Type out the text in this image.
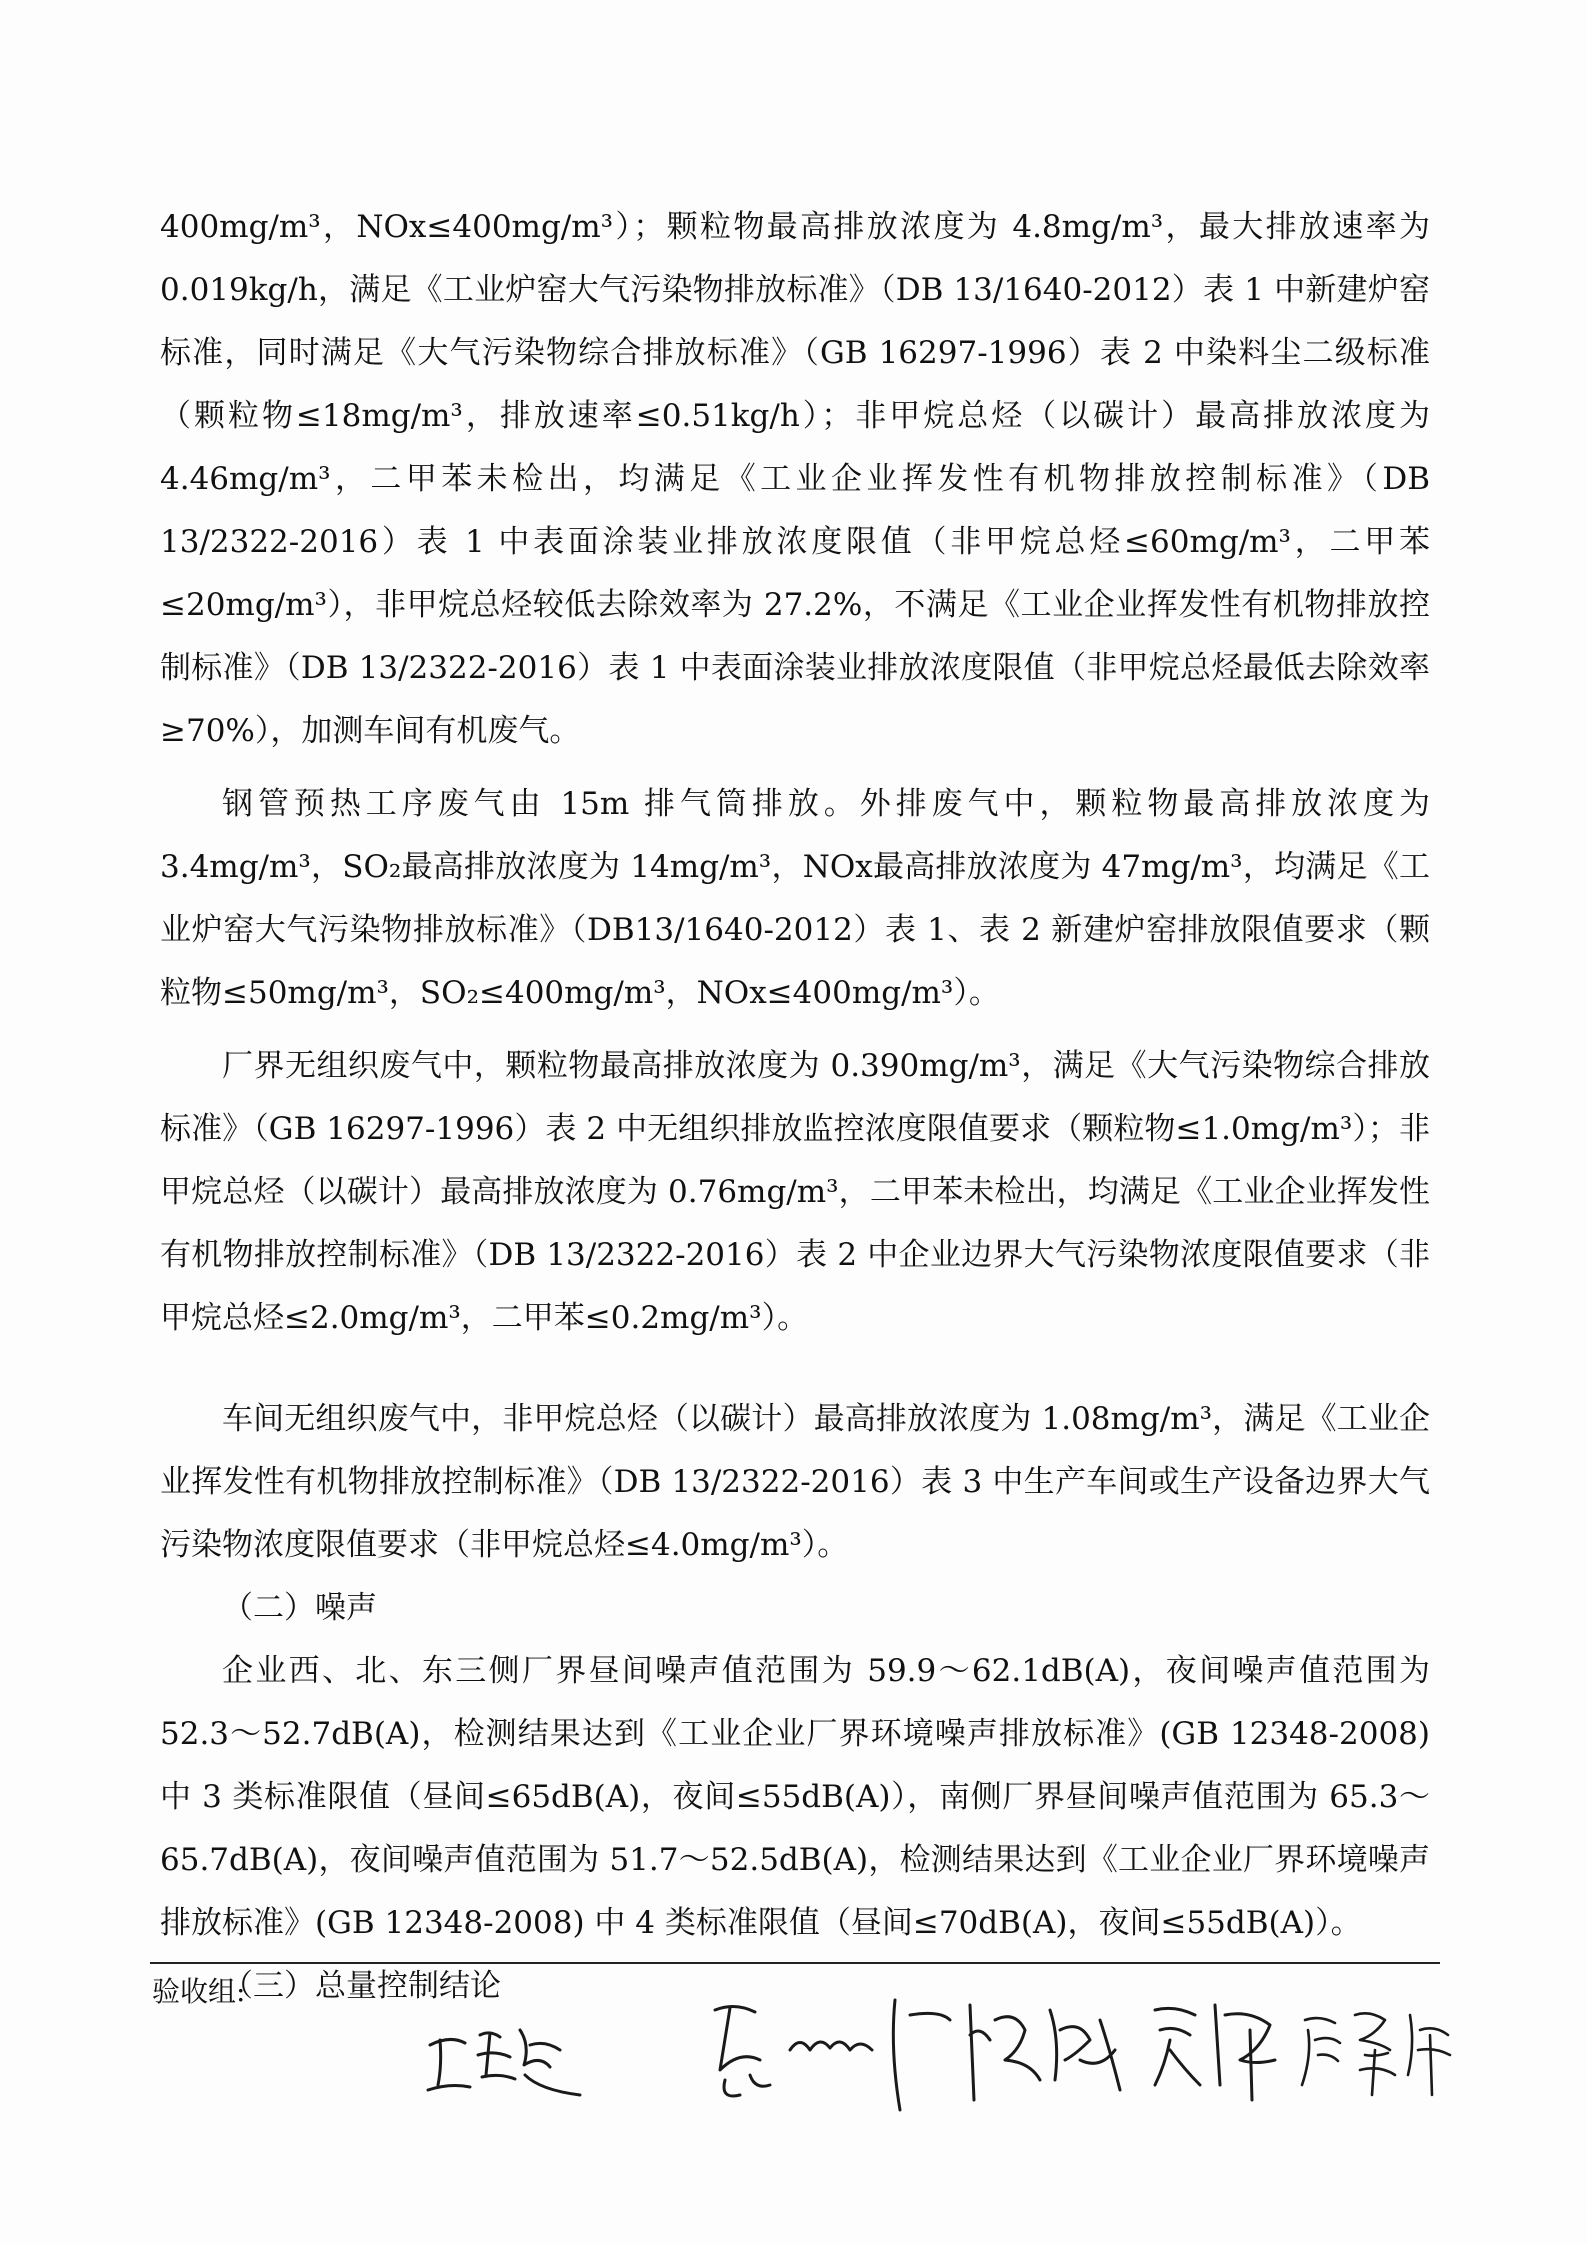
400mg/m³，NOx≤400mg/m³）；颗粒物最高排放浓度为 4.8mg/m³，最大排放速率为 0.019kg/h，满足《工业炉窑大气污染物排放标准》（DB 13/1640-2012）表 1 中新建炉窑标准，同时满足《大气污染物综合排放标准》（GB 16297-1996）表 2 中染料尘二级标准（颗粒物≤18mg/m³，排放速率≤0.51kg/h）；非甲烷总烃（以碳计）最高排放浓度为 4.46mg/m³，二甲苯未检出，均满足《工业企业挥发性有机物排放控制标准》（DB 13/2322-2016）表 1 中表面涂装业排放浓度限值（非甲烷总烃≤60mg/m³，二甲苯≤20mg/m³），非甲烷总烃较低去除效率为 27.2%，不满足《工业企业挥发性有机物排放控制标准》（DB 13/2322-2016）表 1 中表面涂装业排放浓度限值（非甲烷总烃最低去除效率≥70%），加测车间有机废气。

钢管预热工序废气由 15m 排气筒排放。外排废气中，颗粒物最高排放浓度为 3.4mg/m³，SO₂最高排放浓度为 14mg/m³，NOx最高排放浓度为 47mg/m³，均满足《工业炉窑大气污染物排放标准》（DB13/1640-2012）表 1、表 2 新建炉窑排放限值要求（颗粒物≤50mg/m³，SO₂≤400mg/m³，NOx≤400mg/m³）。

厂界无组织废气中，颗粒物最高排放浓度为 0.390mg/m³，满足《大气污染物综合排放标准》（GB 16297-1996）表 2 中无组织排放监控浓度限值要求（颗粒物≤1.0mg/m³）；非甲烷总烃（以碳计）最高排放浓度为 0.76mg/m³，二甲苯未检出，均满足《工业企业挥发性有机物排放控制标准》（DB 13/2322-2016）表 2 中企业边界大气污染物浓度限值要求（非甲烷总烃≤2.0mg/m³，二甲苯≤0.2mg/m³）。

车间无组织废气中，非甲烷总烃（以碳计）最高排放浓度为 1.08mg/m³，满足《工业企业挥发性有机物排放控制标准》（DB 13/2322-2016）表 3 中生产车间或生产设备边界大气污染物浓度限值要求（非甲烷总烃≤4.0mg/m³）。

（二）噪声

企业西、北、东三侧厂界昼间噪声值范围为 59.9～62.1dB(A)，夜间噪声值范围为 52.3～52.7dB(A)，检测结果达到《工业企业厂界环境噪声排放标准》(GB 12348-2008)中 3 类标准限值（昼间≤65dB(A)，夜间≤55dB(A)），南侧厂界昼间噪声值范围为 65.3～65.7dB(A)，夜间噪声值范围为 51.7～52.5dB(A)，检测结果达到《工业企业厂界环境噪声排放标准》(GB 12348-2008) 中 4 类标准限值（昼间≤70dB(A)，夜间≤55dB(A)）。

（三）总量控制结论

验收组:
